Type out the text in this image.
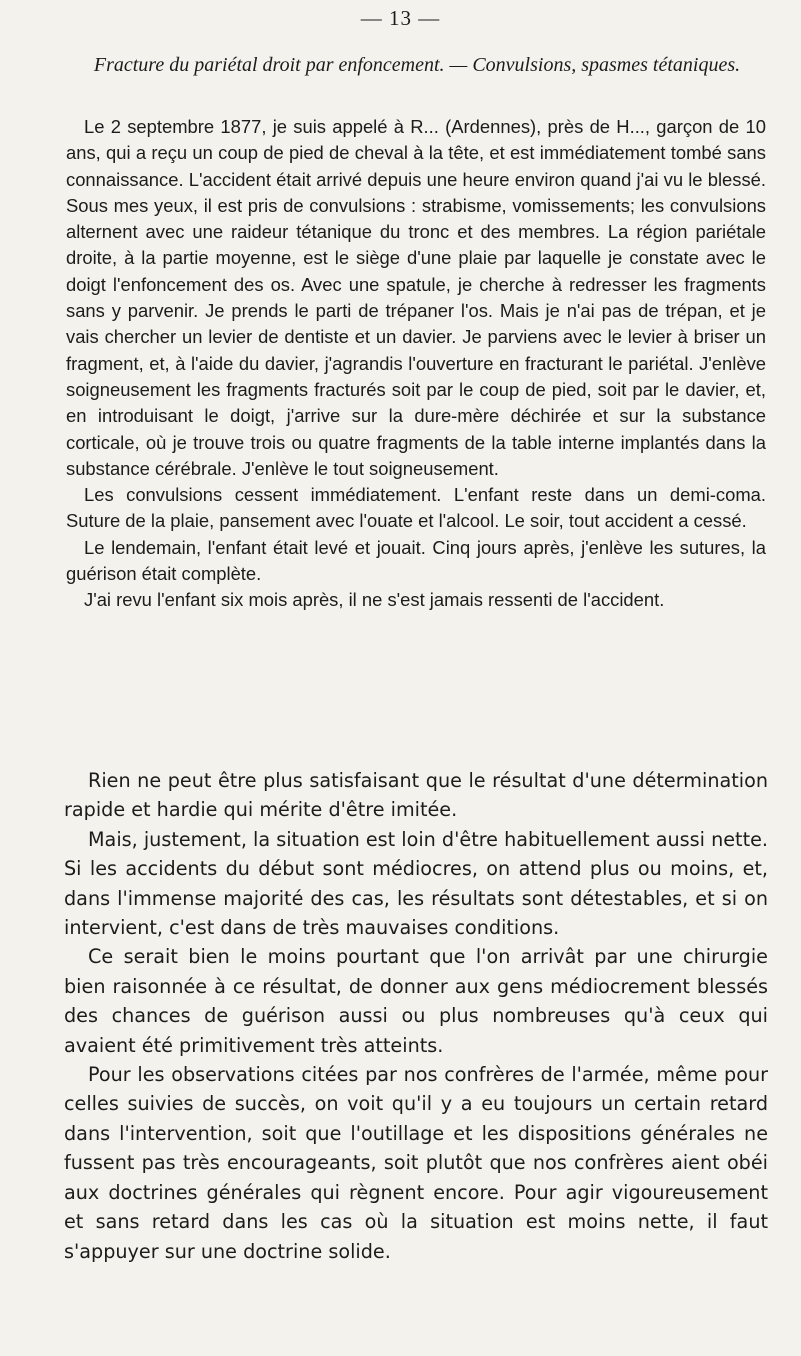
— 13 —
Fracture du pariétal droit par enfoncement. — Convulsions, spasmes tétaniques.

Le 2 septembre 1877, je suis appelé à R... (Ardennes), près de H..., garçon de 10 ans, qui a reçu un coup de pied de cheval à la tête, et est immédiatement tombé sans connaissance. L'accident était arrivé depuis une heure environ quand j'ai vu le blessé. Sous mes yeux, il est pris de convulsions : strabisme, vomissements; les convulsions alternent avec une raideur tétanique du tronc et des membres. La région pariétale droite, à la partie moyenne, est le siège d'une plaie par laquelle je constate avec le doigt l'enfoncement des os. Avec une spatule, je cherche à redresser les fragments sans y parvenir. Je prends le parti de trépaner l'os. Mais je n'ai pas de trépan, et je vais chercher un levier de dentiste et un davier. Je parviens avec le levier à briser un fragment, et, à l'aide du davier, j'agrandis l'ouverture en fracturant le pariétal. J'enlève soigneusement les fragments fracturés soit par le coup de pied, soit par le davier, et, en introduisant le doigt, j'arrive sur la dure-mère déchirée et sur la substance corticale, où je trouve trois ou quatre fragments de la table interne implantés dans la substance cérébrale. J'enlève le tout soigneusement.

Les convulsions cessent immédiatement. L'enfant reste dans un demi-coma. Suture de la plaie, pansement avec l'ouate et l'alcool. Le soir, tout accident a cessé.

Le lendemain, l'enfant était levé et jouait. Cinq jours après, j'enlève les sutures, la guérison était complète.

J'ai revu l'enfant six mois après, il ne s'est jamais ressenti de l'accident.

Rien ne peut être plus satisfaisant que le résultat d'une détermination rapide et hardie qui mérite d'être imitée.

Mais, justement, la situation est loin d'être habituellement aussi nette. Si les accidents du début sont médiocres, on attend plus ou moins, et, dans l'immense majorité des cas, les résultats sont détestables, et si on intervient, c'est dans de très mauvaises conditions.

Ce serait bien le moins pourtant que l'on arrivât par une chirurgie bien raisonnée à ce résultat, de donner aux gens médiocrement blessés des chances de guérison aussi ou plus nombreuses qu'à ceux qui avaient été primitivement très atteints.

Pour les observations citées par nos confrères de l'armée, même pour celles suivies de succès, on voit qu'il y a eu toujours un certain retard dans l'intervention, soit que l'outillage et les dispositions générales ne fussent pas très encourageants, soit plutôt que nos confrères aient obéi aux doctrines générales qui règnent encore. Pour agir vigoureusement et sans retard dans les cas où la situation est moins nette, il faut s'appuyer sur une doctrine solide.
